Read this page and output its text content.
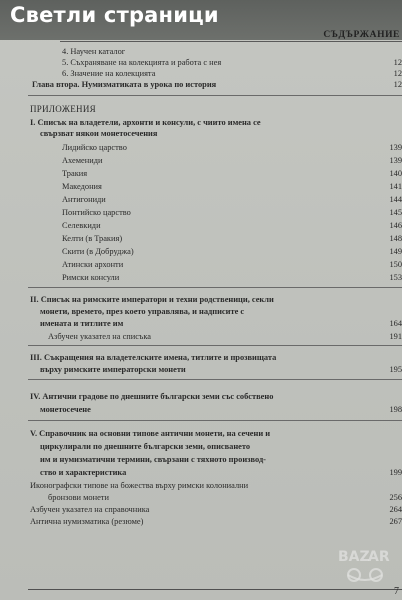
Светли страници
СЪДЪРЖАНИЕ
4. Научен каталог
5. Съхраняване на колекцията и работа с нея	12
6. Значение на колекцията	12
Глава втора. Нумизматиката в урока по история	12
ПРИЛОЖЕНИЯ
I. Списък на владетели, архонти и консули, с чиито имена се
свързват някои монетосечения
Лидийско царство	139
Ахемениди	139
Тракия	140
Македония	141
Антигониди	144
Понтийско царство	145
Селевкиди	146
Келти (в Тракия)	148
Скити (в Добруджа)	149
Атински архонти	150
Римски консули	153
II. Списък на римските императори и техни родственици, секли
монети, времето, през което управлява, и надписите с
имената и титлите им	164
Азбучен указател на списъка	191
III. Съкращения на владетелските имена, титлите и прозвищата
върху римските императорски монети	195
IV. Антични градове по днешните български земи със собствено
монетосечене	198
V. Справочник на основни типове антични монети, на сечени и
циркулирали по днешните български земи, описването
им и нумизматични термини, свързани с тяхното производ-
ство и характеристика	199
Иконографски типове на божества върху римски колониални
бронзови монети	256
Азбучен указател на справочника	264
Антична нумизматика (резюме)	267
BAZ
AR
7
